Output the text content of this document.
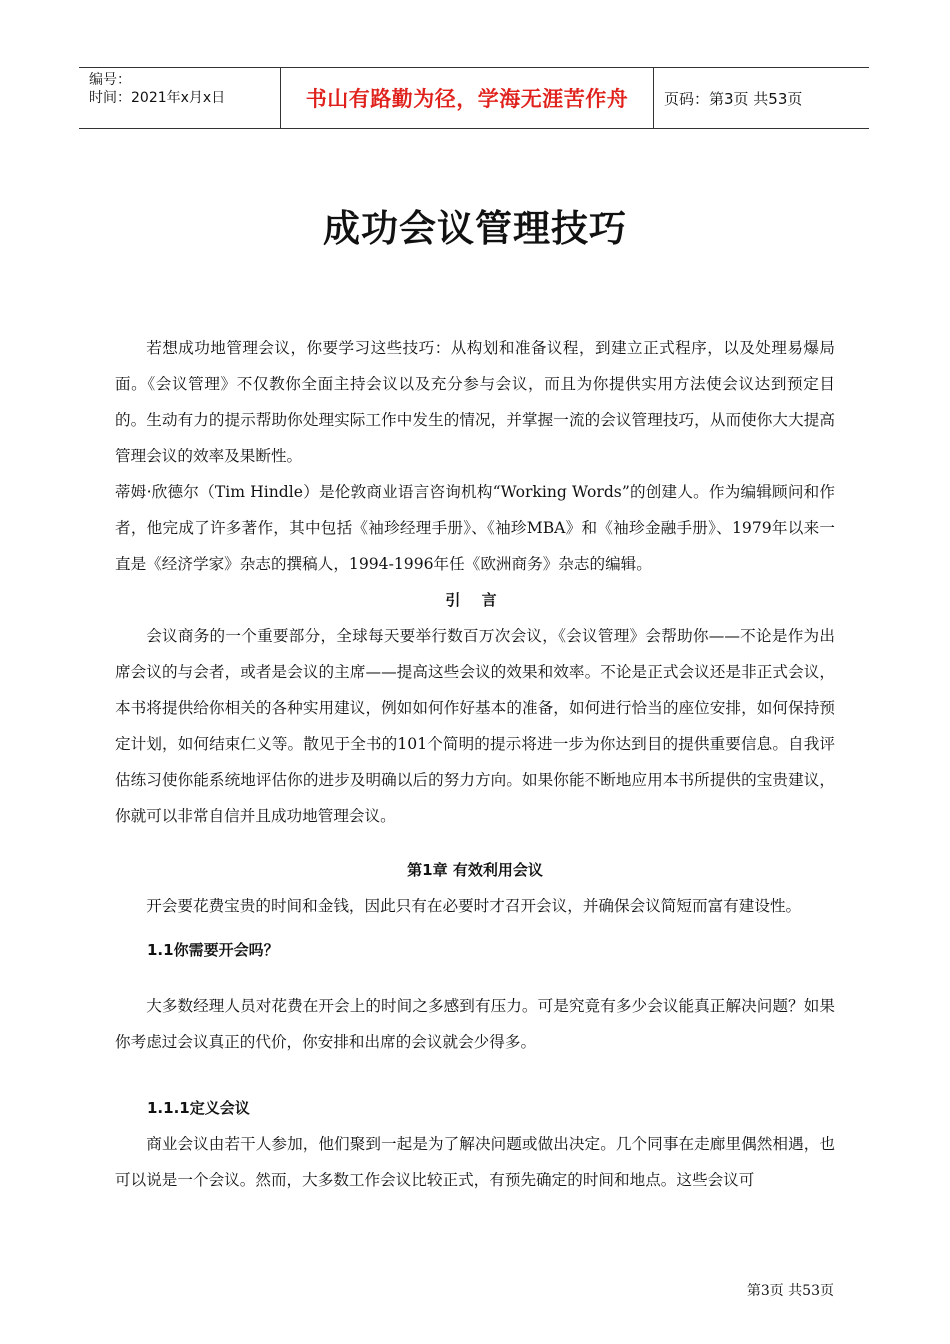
编号：
时间：2021年x月x日	书山有路勤为径，学海无涯苦作舟 页码：第3页 共53页
成功会议管理技巧

若想成功地管理会议，你要学习这些技巧：从构划和准备议程，到建立正式程序，以及处理易爆局面。《会议管理》不仅教你全面主持会议以及充分参与会议，而且为你提供实用方法使会议达到预定目的。生动有力的提示帮助你处理实际工作中发生的情况，并掌握一流的会议管理技巧，从而使你大大提高管理会议的效率及果断性。

蒂姆·欣德尔（Tim Hindle）是伦敦商业语言咨询机构“Working Words”的创建人。作为编辑顾问和作者，他完成了许多著作，其中包括《袖珍经理手册》、《袖珍MBA》和《袖珍金融手册》、1979年以来一直是《经济学家》杂志的撰稿人，1994-1996年任《欧洲商务》杂志的编辑。

引 言

会议商务的一个重要部分，全球每天要举行数百万次会议，《会议管理》会帮助你——不论是作为出席会议的与会者，或者是会议的主席——提高这些会议的效果和效率。不论是正式会议还是非正式会议，本书将提供给你相关的各种实用建议，例如如何作好基本的准备，如何进行恰当的座位安排，如何保持预定计划，如何结束仁义等。散见于全书的101个简明的提示将进一步为你达到目的提供重要信息。自我评估练习使你能系统地评估你的进步及明确以后的努力方向。如果你能不断地应用本书所提供的宝贵建议，你就可以非常自信并且成功地管理会议。

第1章 有效利用会议

开会要花费宝贵的时间和金钱，因此只有在必要时才召开会议，并确保会议简短而富有建设性。

1.1你需要开会吗？

大多数经理人员对花费在开会上的时间之多感到有压力。可是究竟有多少会议能真正解决问题？如果你考虑过会议真正的代价，你安排和出席的会议就会少得多。

1.1.1定义会议

商业会议由若干人参加，他们聚到一起是为了解决问题或做出决定。几个同事在走廊里偶然相遇，也可以说是一个会议。然而，大多数工作会议比较正式，有预先确定的时间和地点。这些会议可

第3页 共53页
